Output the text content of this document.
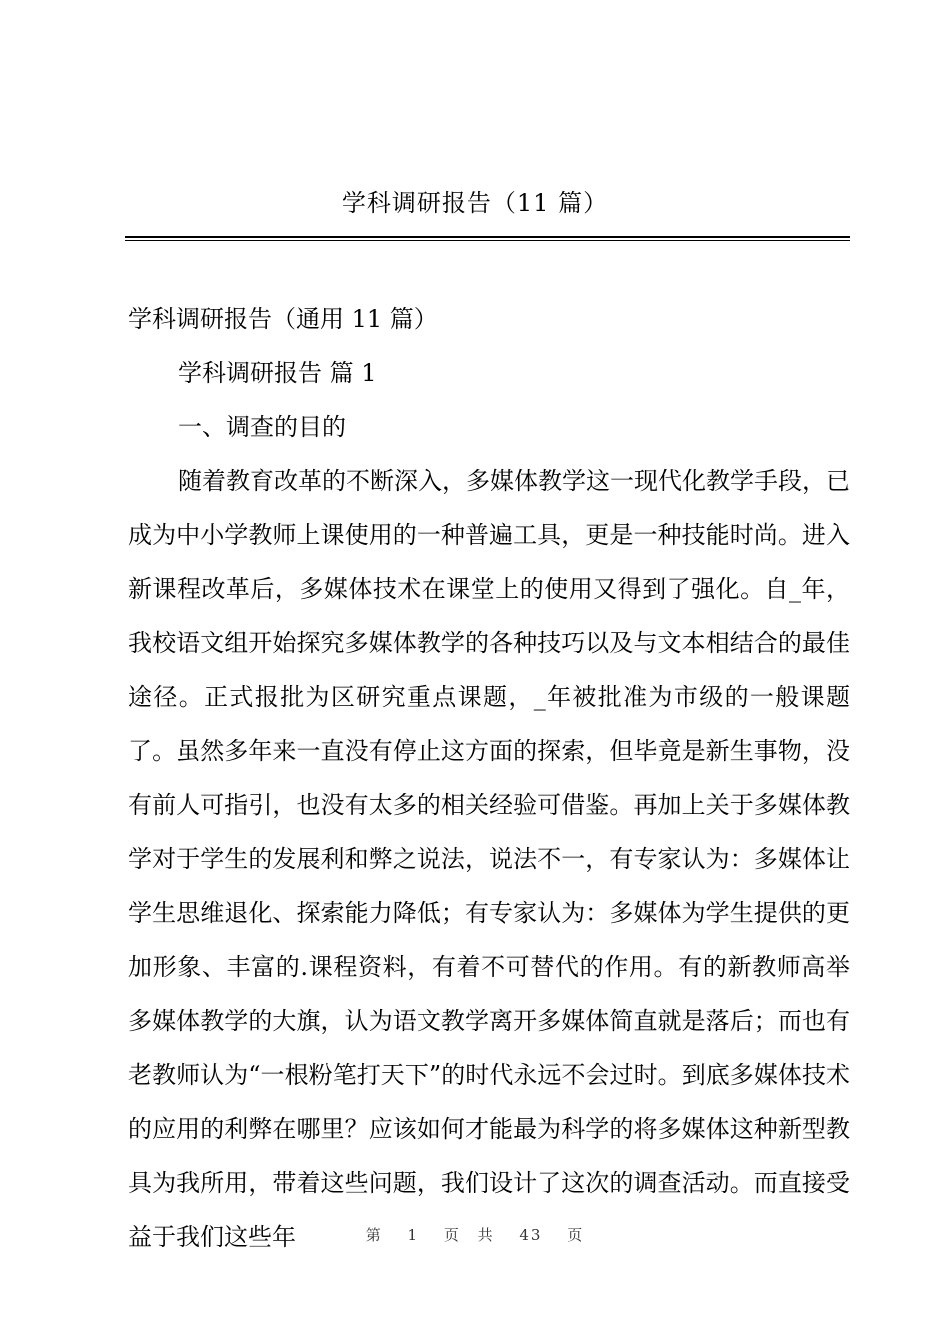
学科调研报告（11 篇）
学科调研报告（通用 11 篇）
学科调研报告 篇 1
一、调查的目的

随着教育改革的不断深入，多媒体教学这一现代化教学手段，已成为中小学教师上课使用的一种普遍工具，更是一种技能时尚。进入新课程改革后，多媒体技术在课堂上的使用又得到了强化。自_年，我校语文组开始探究多媒体教学的各种技巧以及与文本相结合的最佳途径。正式报批为区研究重点课题，_年被批准为市级的一般课题了。虽然多年来一直没有停止这方面的探索，但毕竟是新生事物，没有前人可指引，也没有太多的相关经验可借鉴。再加上关于多媒体教学对于学生的发展利和弊之说法，说法不一，有专家认为：多媒体让学生思维退化、探索能力降低；有专家认为：多媒体为学生提供的更加形象、丰富的.课程资料，有着不可替代的作用。有的新教师高举多媒体教学的大旗，认为语文教学离开多媒体简直就是落后；而也有老教师认为“一根粉笔打天下”的时代永远不会过时。到底多媒体技术的应用的利弊在哪里？应该如何才能最为科学的将多媒体这种新型教具为我所用，带着这些问题，我们设计了这次的调查活动。而直接受益于我们这些年	第 1 页 共 43 页
